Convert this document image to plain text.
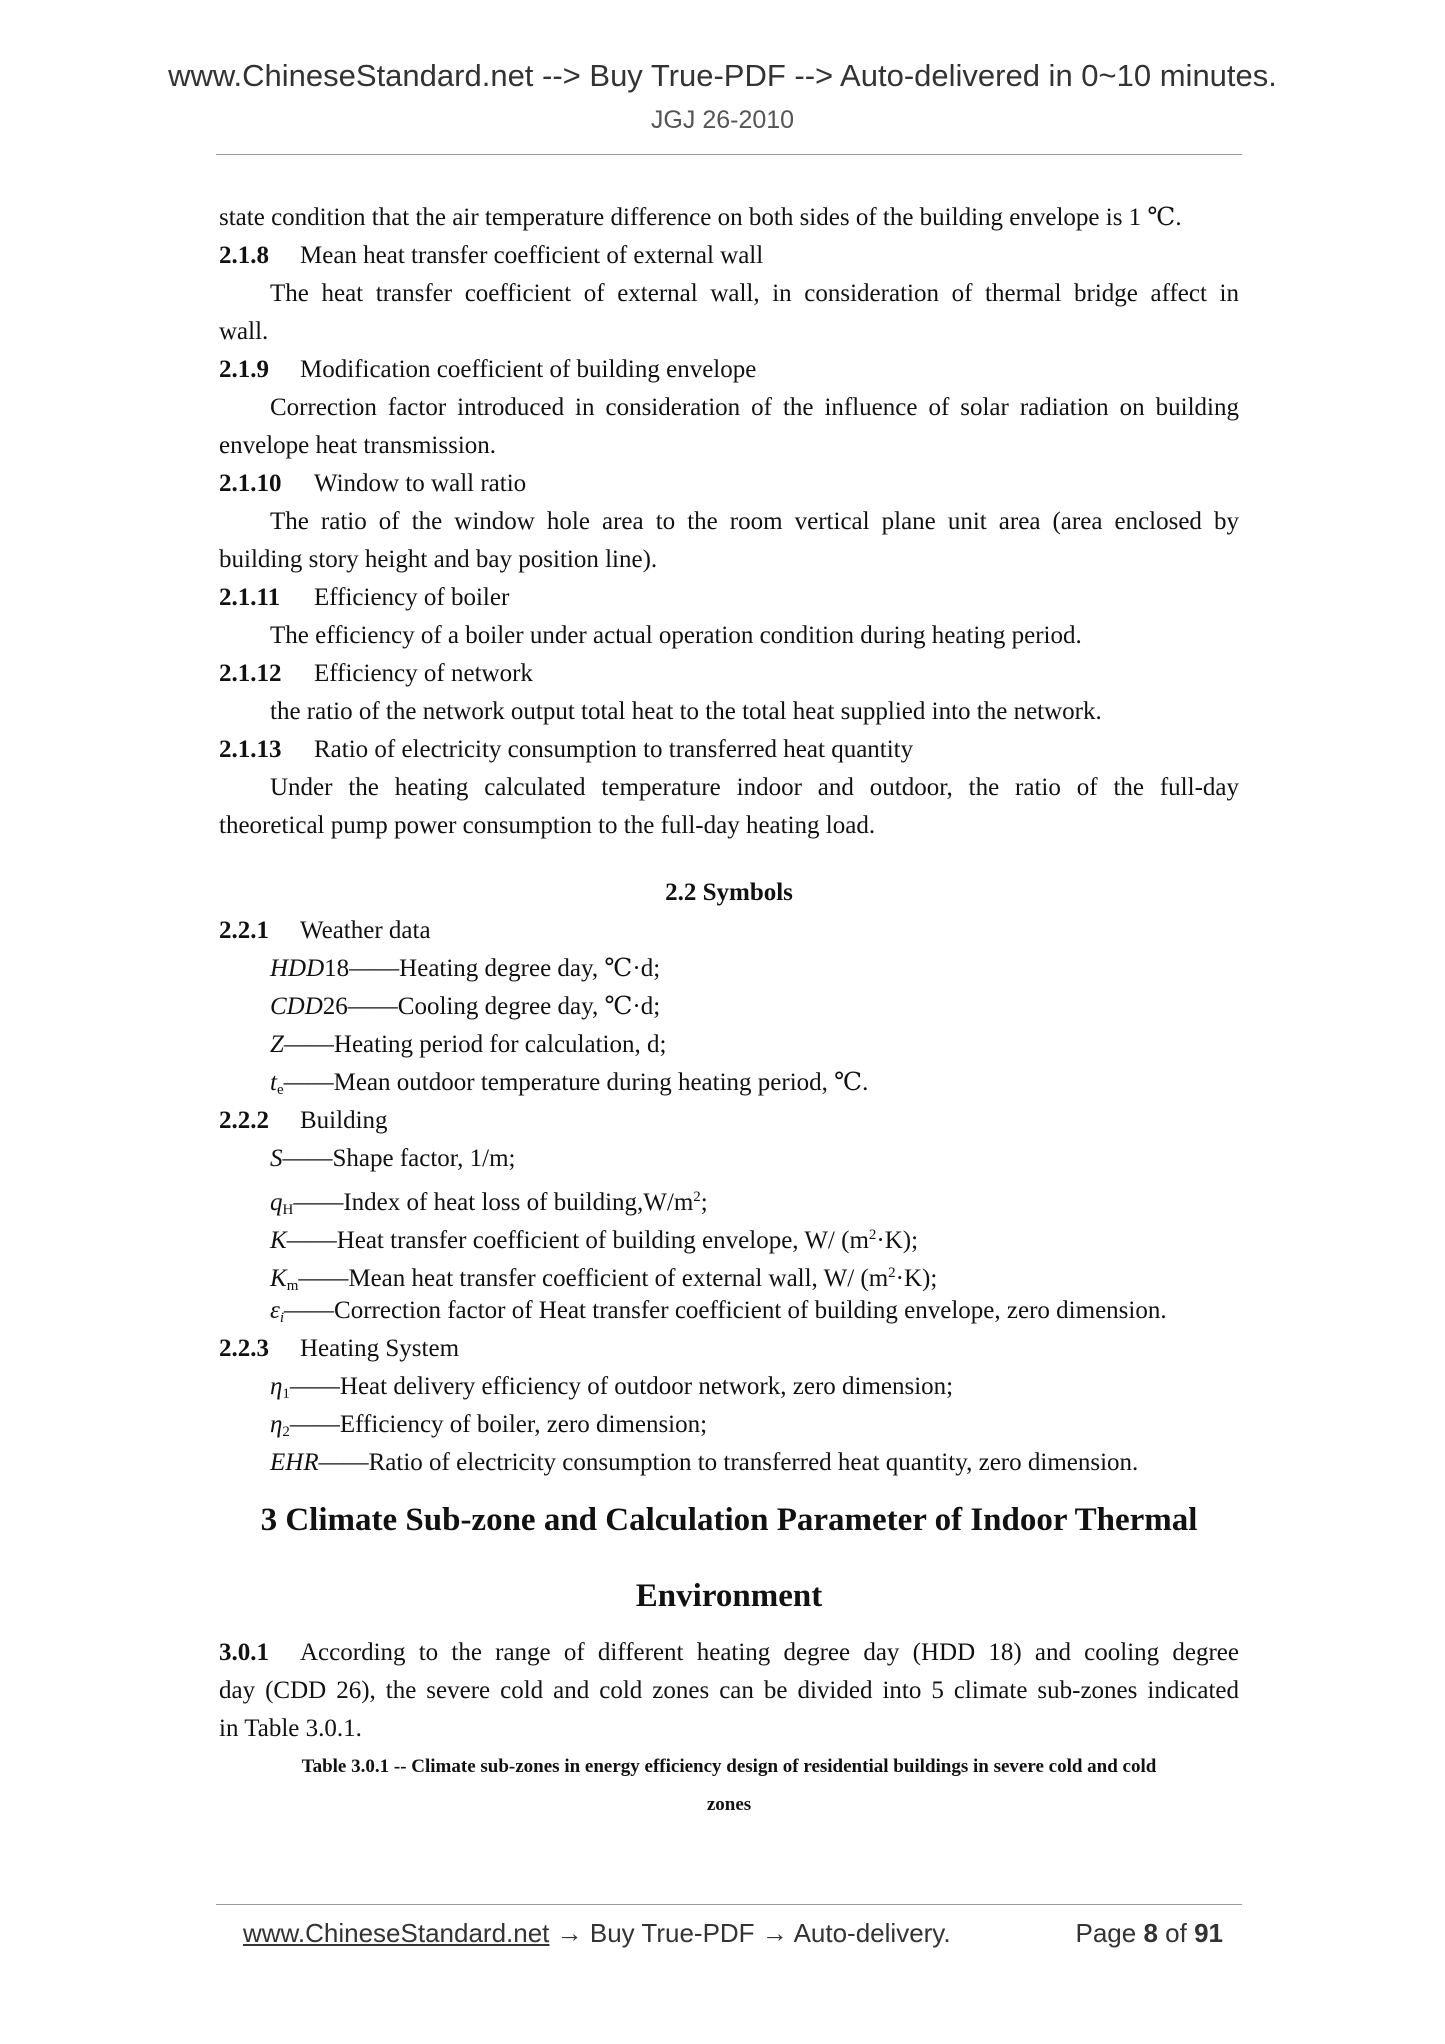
www.ChineseStandard.net --> Buy True-PDF --> Auto-delivered in 0~10 minutes.
JGJ 26-2010
state condition that the air temperature difference on both sides of the building envelope is 1 ℃.
2.1.8 Mean heat transfer coefficient of external wall
The heat transfer coefficient of external wall, in consideration of thermal bridge affect in
wall.
2.1.9 Modification coefficient of building envelope
Correction factor introduced in consideration of the influence of solar radiation on building
envelope heat transmission.
2.1.10 Window to wall ratio
The ratio of the window hole area to the room vertical plane unit area (area enclosed by
building story height and bay position line).
2.1.11 Efficiency of boiler
The efficiency of a boiler under actual operation condition during heating period.
2.1.12 Efficiency of network
the ratio of the network output total heat to the total heat supplied into the network.
2.1.13 Ratio of electricity consumption to transferred heat quantity
Under the heating calculated temperature indoor and outdoor, the ratio of the full-day
theoretical pump power consumption to the full-day heating load.
2.2 Symbols
2.2.1 Weather data
HDD18——Heating degree day, ℃·d;
CDD26——Cooling degree day, ℃·d;
Z——Heating period for calculation, d;
$t_e——Mean$ outdoor temperature during heating period, ℃.
2.2.2 Building
S——Shape factor, 1/m;
$q_H——Index$ of heat loss of $building,W/m^2$;
K——Heat transfer coefficient of building envelope, W/ $(m^2\cdot K)$;
$K_m——Mean$ heat transfer coefficient of external wall, W/ $(m^2\cdot K)$;
$\varepsilon_i——Correction$ factor of Heat transfer coefficient of building envelope, zero dimension.
2.2.3 Heating System
$\eta_1——Heat$ delivery efficiency of outdoor network, zero dimension;
$\eta_2——Efficiency$ of boiler, zero dimension;
EHR——Ratio of electricity consumption to transferred heat quantity, zero dimension.
3 Climate Sub-zone and Calculation Parameter of Indoor Thermal
Environment
3.0.1 According to the range of different heating degree day (HDD 18) and cooling degree
day (CDD 26), the severe cold and cold zones can be divided into 5 climate sub-zones indicated
in Table 3.0.1.
Table 3.0.1 -- Climate sub-zones in energy efficiency design of residential buildings in severe cold and cold
zones
www.ChineseStandard.net → Buy True-PDF → Auto-delivery.	Page 8 of 91
